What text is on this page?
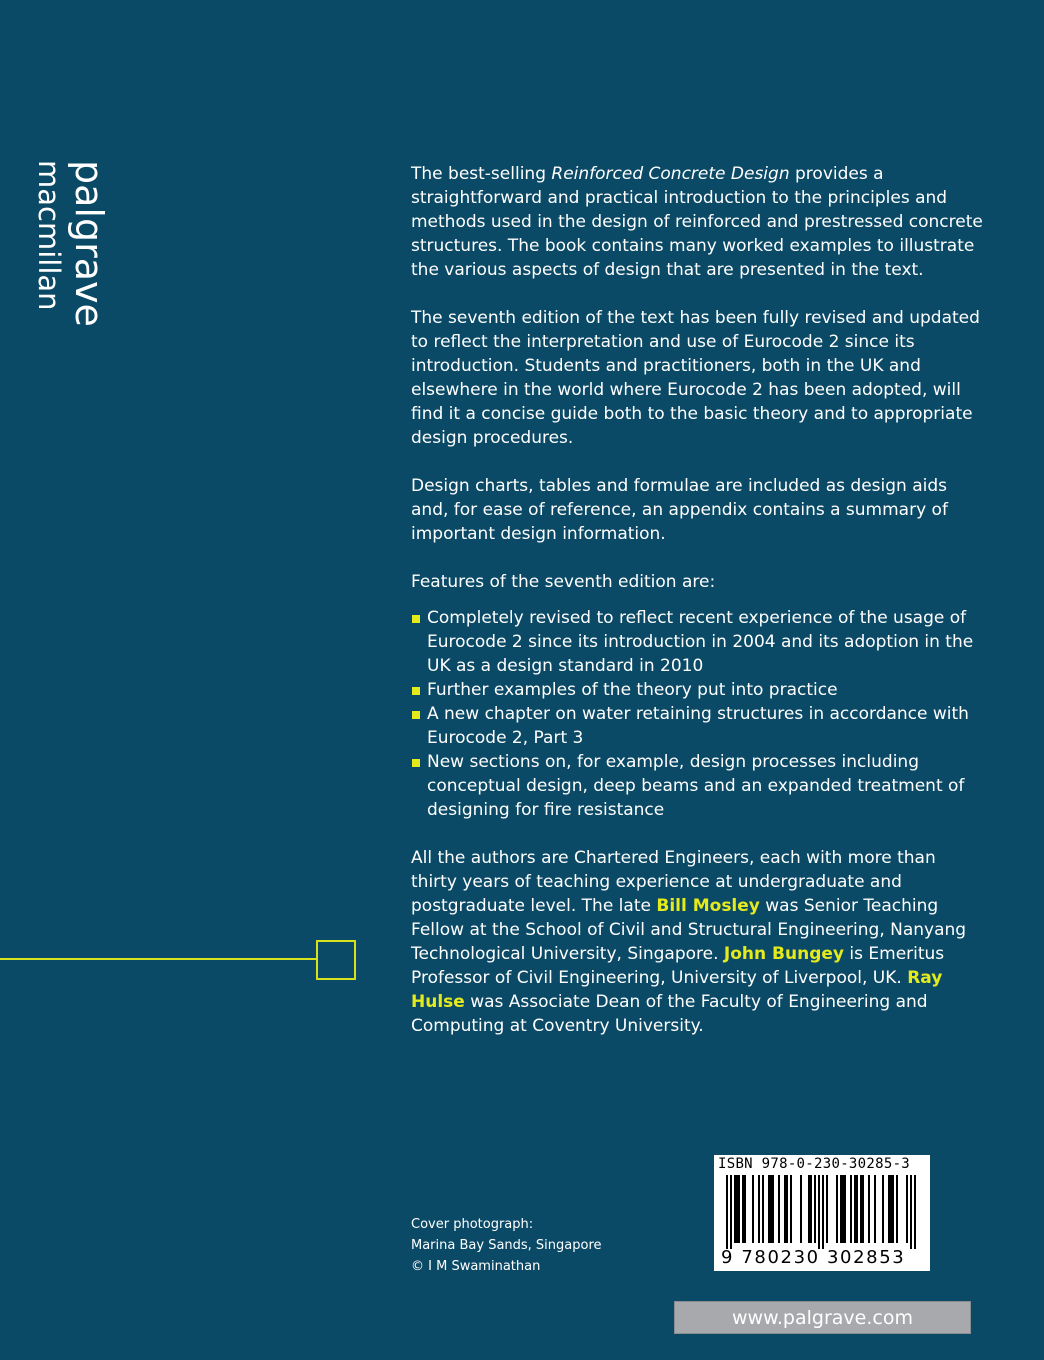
palgrave
macmillan	The best-selling Reinforced Concrete Design provides a straightforward and practical introduction to the principles and methods used in the design of reinforced and prestressed concrete structures. The book contains many worked examples to illustrate the various aspects of design that are presented in the text.

The seventh edition of the text has been fully revised and updated to reflect the interpretation and use of Eurocode 2 since its introduction. Students and practitioners, both in the UK and elsewhere in the world where Eurocode 2 has been adopted, will find it a concise guide both to the basic theory and to appropriate design procedures.

Design charts, tables and formulae are included as design aids and, for ease of reference, an appendix contains a summary of important design information.

Features of the seventh edition are:

Completely revised to reflect recent experience of the usage of Eurocode 2 since its introduction in 2004 and its adoption in the UK as a design standard in 2010
Further examples of the theory put into practice
A new chapter on water retaining structures in accordance with Eurocode 2, Part 3
New sections on, for example, design processes including conceptual design, deep beams and an expanded treatment of designing for fire resistance

All the authors are Chartered Engineers, each with more than thirty years of teaching experience at undergraduate and postgraduate level. The late Bill Mosley was Senior Teaching Fellow at the School of Civil and Structural Engineering, Nanyang Technological University, Singapore. John Bungey is Emeritus Professor of Civil Engineering, University of Liverpool, UK. Ray Hulse was Associate Dean of the Faculty of Engineering and Computing at Coventry University.

Cover photograph:
Marina Bay Sands, Singapore
© I M Swaminathan
ISBN 978-0-230-30285-3
9 780230 302853
www.palgrave.com
